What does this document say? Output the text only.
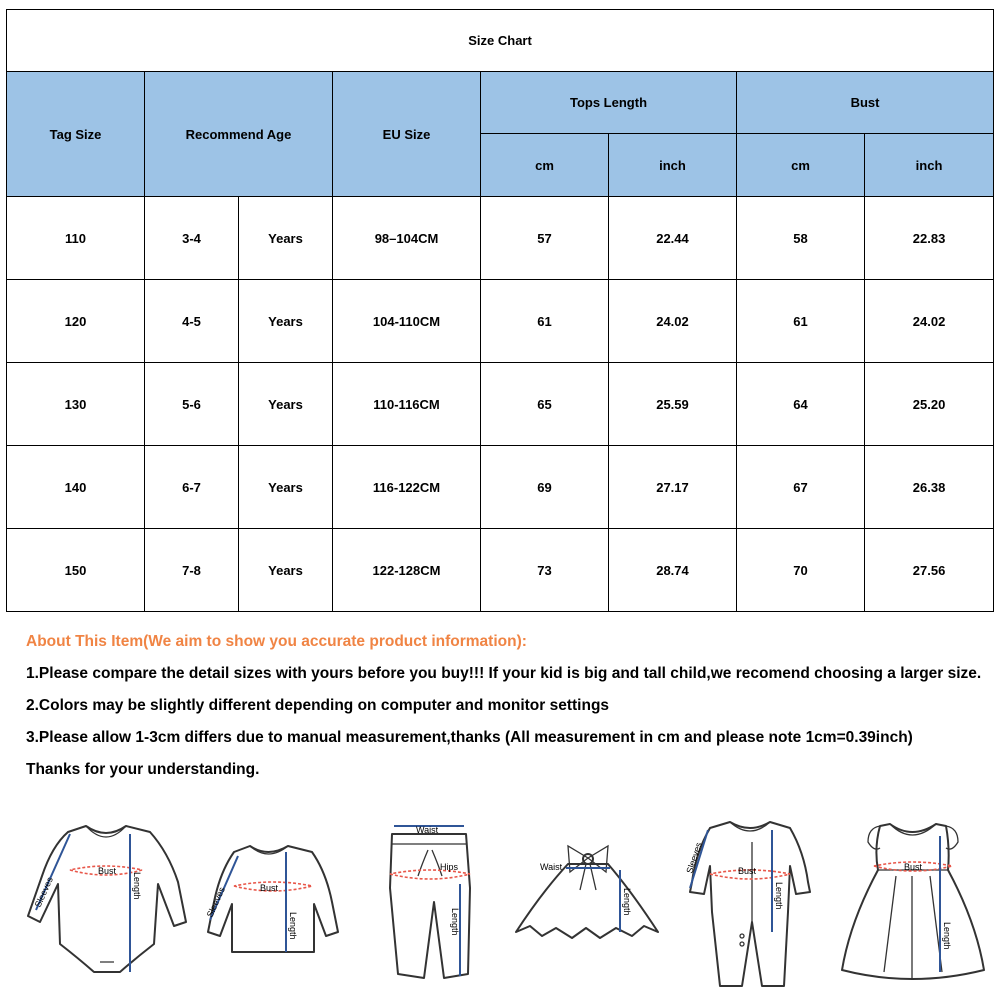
Size Chart							
Tag Size	Recommend Age		EU Size	Tops Length		Bust	
				cm	inch	cm	inch
110	3-4	Years	98–104CM	57	22.44	58	22.83
120	4-5	Years	104-110CM	61	24.02	61	24.02
130	5-6	Years	110-116CM	65	25.59	64	25.20
140	6-7	Years	116-122CM	69	27.17	67	26.38
150	7-8	Years	122-128CM	73	28.74	70	27.56

About This Item(We aim to show you accurate product information):

1.Please compare the detail sizes with yours before you buy!!! If your kid is big and tall child,we recomend choosing a larger size.

2.Colors may be slightly different depending on computer and monitor settings

3.Please allow 1-3cm differs due to manual measurement,thanks (All measurement in cm and please note 1cm=0.39inch)

Thanks for your understanding.

Bust
Length
Sleeves	Bust
Length
Sleeves
Waist
Hips
Length
Waist
Length
Bust
Length
Sleeves	Bust
Length
